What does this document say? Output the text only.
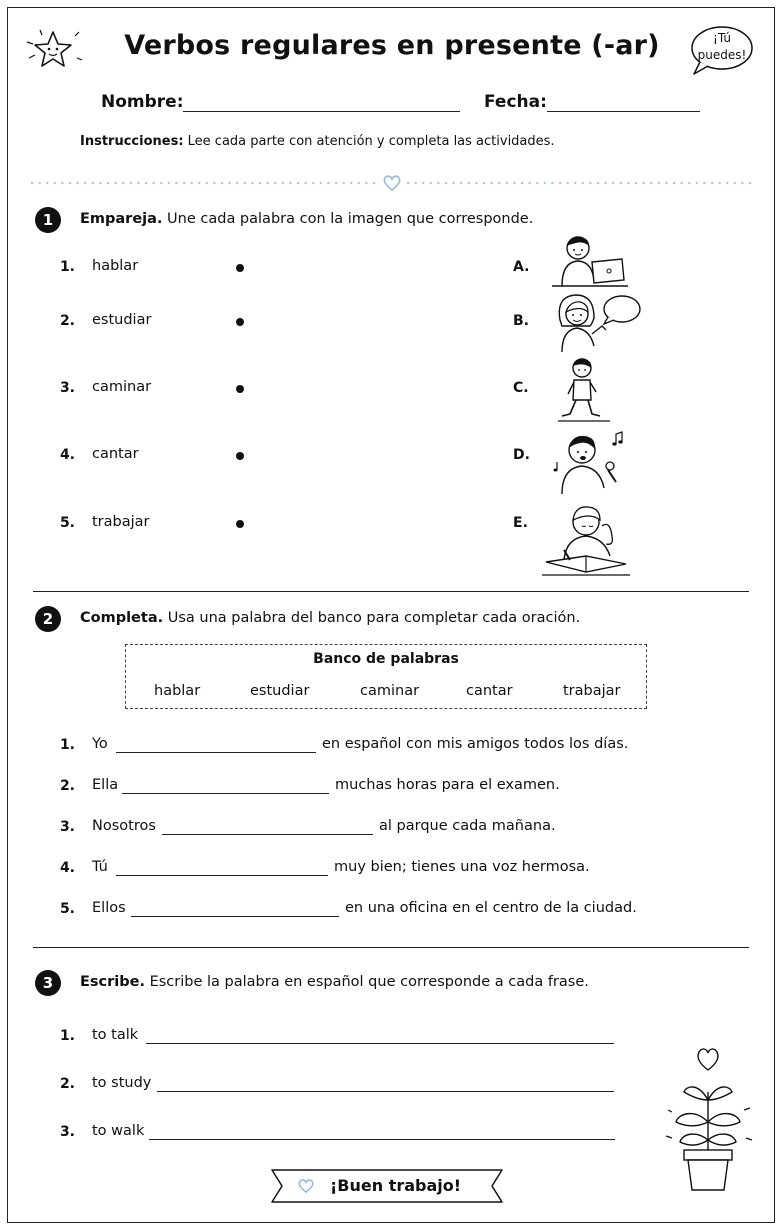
Verbos regulares en presente (-ar)	¡Tú
puedes!
Nombre:	Fecha:
Instrucciones: Lee cada parte con atención y completa las actividades.
1	Empareja. Une cada palabra con la imagen que corresponde.
1. hablar	A.
2. estudiar	B.
3. caminar	C.
4. cantar	D.
5. trabajar	E.
2	Completa. Usa una palabra del banco para completar cada oración.
Banco de palabras
hablar	estudiar	caminar	cantar	trabajar
1. Yo	en español con mis amigos todos los días.
2. Ella	muchas horas para el examen.
3. Nosotros	al parque cada mañana.
4. Tú	muy bien; tienes una voz hermosa.
5. Ellos	en una oficina en el centro de la ciudad.
3	Escribe. Escribe la palabra en español que corresponde a cada frase.
1. to talk
2. to study
3. to walk
¡Buen trabajo!
